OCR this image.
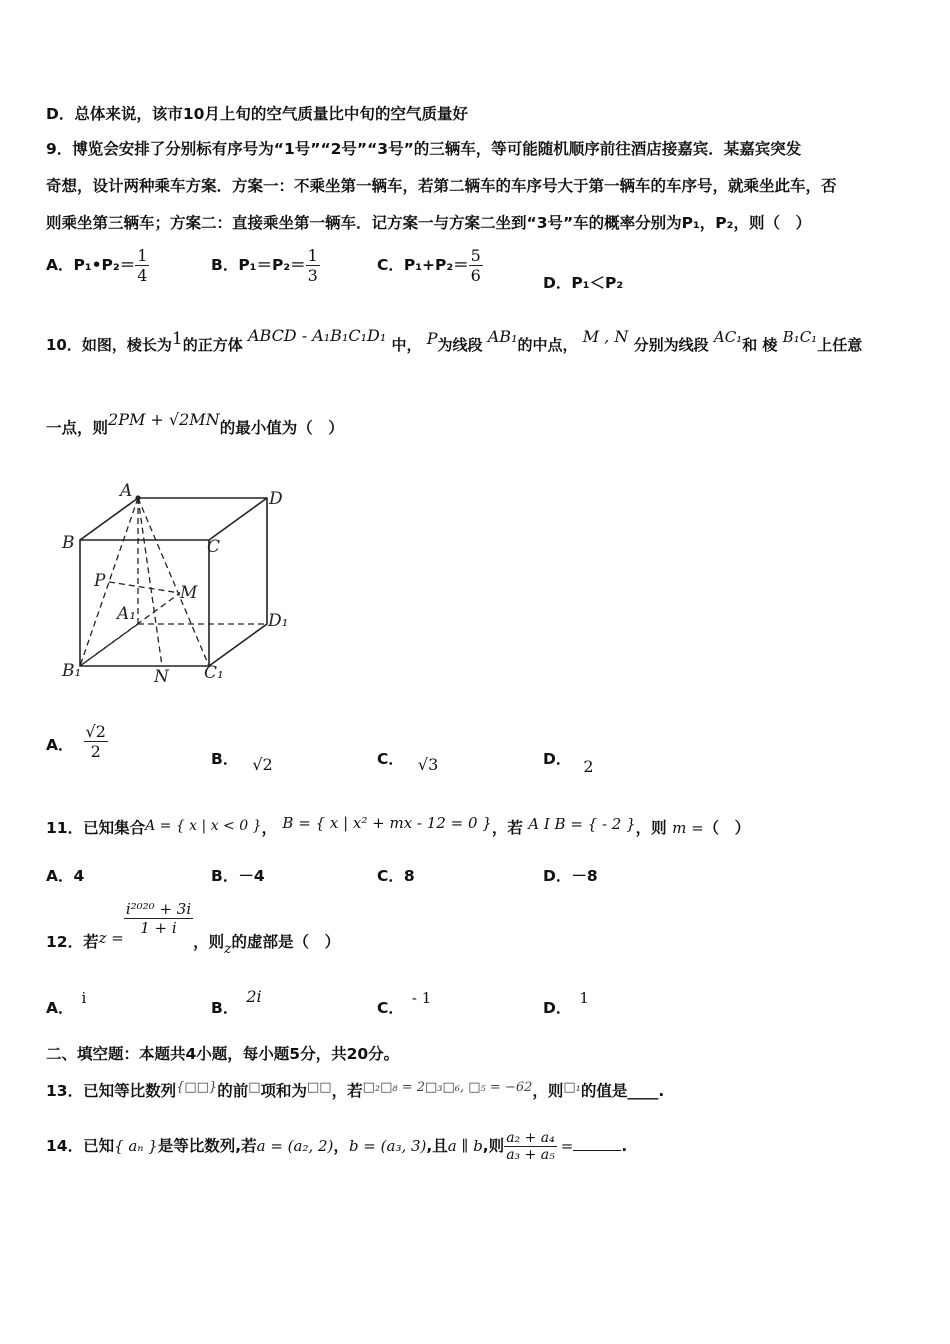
D．总体来说，该市10月上旬的空气质量比中旬的空气质量好
9．博览会安排了分别标有序号为“1号”“2号”“3号”的三辆车，等可能随机顺序前往酒店接嘉宾．某嘉宾突发
奇想，设计两种乘车方案．方案一：不乘坐第一辆车，若第二辆车的车序号大于第一辆车的车序号，就乘坐此车，否
则乘坐第三辆车；方案二：直接乘坐第一辆车．记方案一与方案二坐到“3号”车的概率分别为P₁，P₂，则（　）
A．P₁•P₂＝ $\frac{1}{4}$	B．$P_1=P_2= \frac{1}{3}$	C．$P_1+P_2= \frac{5}{6}$	D．P₁＜P₂
10．如图，棱长为1的正方体 ABCD - A₁B₁C₁D₁ 中， P为线段 AB₁的中点， M , N 分别为线段 AC₁和 棱 B₁C₁上任意
一点，则2PM + √2MN的最小值为（　）
A	D
B	C
P
M
A₁	D₁
B₁	N C₁
A． $\frac{√2}{2}$	B． √2	C． √3	D． 2
11．已知集合A = { x | x < 0 }， B = { x | x² + mx - 12 = 0 }，若 A I B = { - 2 }，则 m =（　）
A．4	B．－4	C．8	D．－8
12．若z =
$\frac{\text{i²⁰²⁰ + 3i}}{1 + i}$
，则z的虚部是（　）
A．i
B．2i
C．- 1
D．1
二、填空题：本题共4小题，每小题5分，共20分。
13．已知等比数列{□□}的前□项和为□□，若$^{□_2□_8 = 2□_3□_6, □_5 = -62}$，则$^{□_1}$的值是____.
14．已知{ aₙ }是等比数列,若a = (a₂, 2)，b = (a₃, 3),且a ∥ b,则 $\frac{\text{a₂ + a₄}}{\text{a₃ + a₅}}$ =	.
